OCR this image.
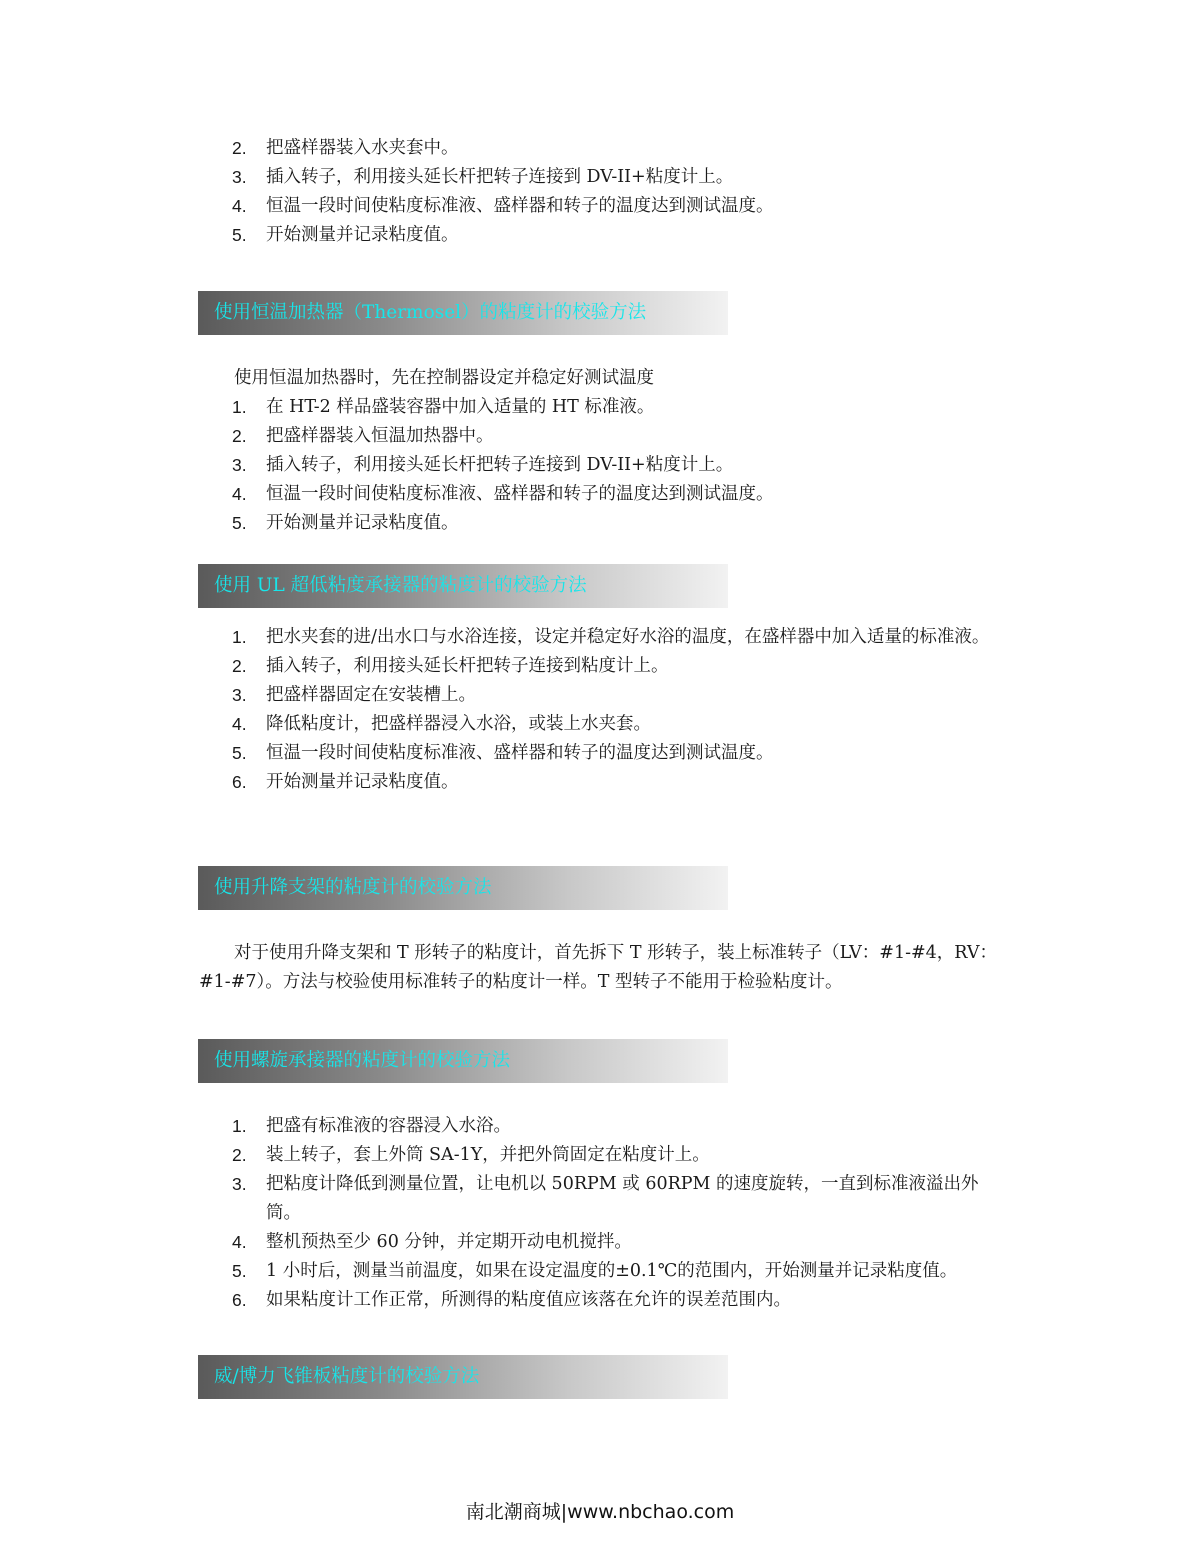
2. 把盛样器装入水夹套中。
3. 插入转子，利用接头延长杆把转子连接到 DV-II+粘度计上。
4. 恒温一段时间使粘度标准液、盛样器和转子的温度达到测试温度。
5. 开始测量并记录粘度值。
使用恒温加热器（Thermosel）的粘度计的校验方法

使用恒温加热器时，先在控制器设定并稳定好测试温度

1. 在 HT-2 样品盛装容器中加入适量的 HT 标准液。
2. 把盛样器装入恒温加热器中。
3. 插入转子，利用接头延长杆把转子连接到 DV-II+粘度计上。
4. 恒温一段时间使粘度标准液、盛样器和转子的温度达到测试温度。
5. 开始测量并记录粘度值。
使用 UL 超低粘度承接器的粘度计的校验方法
1. 把水夹套的进/出水口与水浴连接，设定并稳定好水浴的温度，在盛样器中加入适量的标准液。
2. 插入转子，利用接头延长杆把转子连接到粘度计上。
3. 把盛样器固定在安装槽上。
4. 降低粘度计，把盛样器浸入水浴，或装上水夹套。
5. 恒温一段时间使粘度标准液、盛样器和转子的温度达到测试温度。
6. 开始测量并记录粘度值。
使用升降支架的粘度计的校验方法

对于使用升降支架和 T 形转子的粘度计，首先拆下 T 形转子，装上标准转子（LV：#1-#4，RV：#1-#7）。方法与校验使用标准转子的粘度计一样。T 型转子不能用于检验粘度计。

使用螺旋承接器的粘度计的校验方法
1. 把盛有标准液的容器浸入水浴。
2. 装上转子，套上外筒 SA-1Y，并把外筒固定在粘度计上。
3. 把粘度计降低到测量位置，让电机以 50RPM 或 60RPM 的速度旋转，一直到标准液溢出外筒。
4. 整机预热至少 60 分钟，并定期开动电机搅拌。
5. 1 小时后，测量当前温度，如果在设定温度的±0.1℃的范围内，开始测量并记录粘度值。
6. 如果粘度计工作正常，所测得的粘度值应该落在允许的误差范围内。
威/博力飞锥板粘度计的校验方法
南北潮商城|www.nbchao.com
